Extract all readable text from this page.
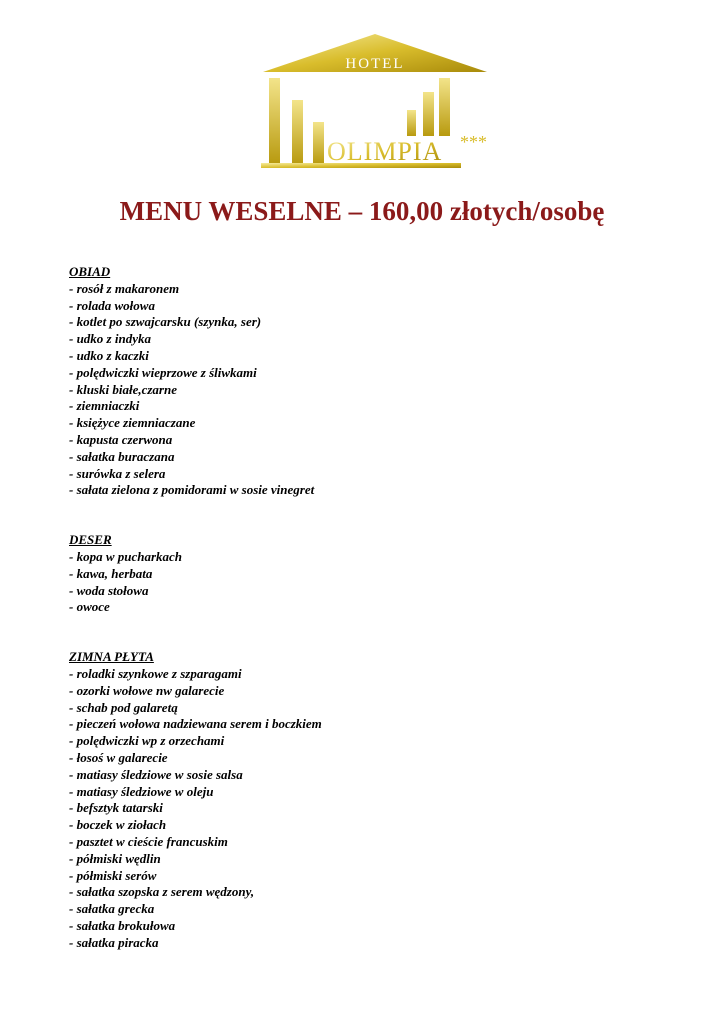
HOTEL
OLIMPIA ***
MENU WESELNE – 160,00 złotych/osobę
OBIAD
- rosół z makaronem
- rolada wołowa
- kotlet po szwajcarsku (szynka, ser)
- udko z indyka
- udko z kaczki
- polędwiczki wieprzowe z śliwkami
- kluski białe,czarne
- ziemniaczki
- księżyce ziemniaczane
- kapusta czerwona
- sałatka buraczana
- surówka z selera
- sałata zielona z pomidorami w sosie vinegret
DESER
- kopa w pucharkach
- kawa, herbata
- woda stołowa
- owoce
ZIMNA PŁYTA
- roladki szynkowe z szparagami
- ozorki wołowe nw galarecie
- schab pod galaretą
- pieczeń wołowa nadziewana serem i boczkiem
- polędwiczki wp z orzechami
- łosoś w galarecie
- matiasy śledziowe w sosie salsa
- matiasy śledziowe w oleju
- befsztyk tatarski
- boczek w ziołach
- pasztet w cieście francuskim
- półmiski wędlin
- półmiski serów
- sałatka szopska z serem wędzony,
- sałatka grecka
- sałatka brokułowa
- sałatka piracka
